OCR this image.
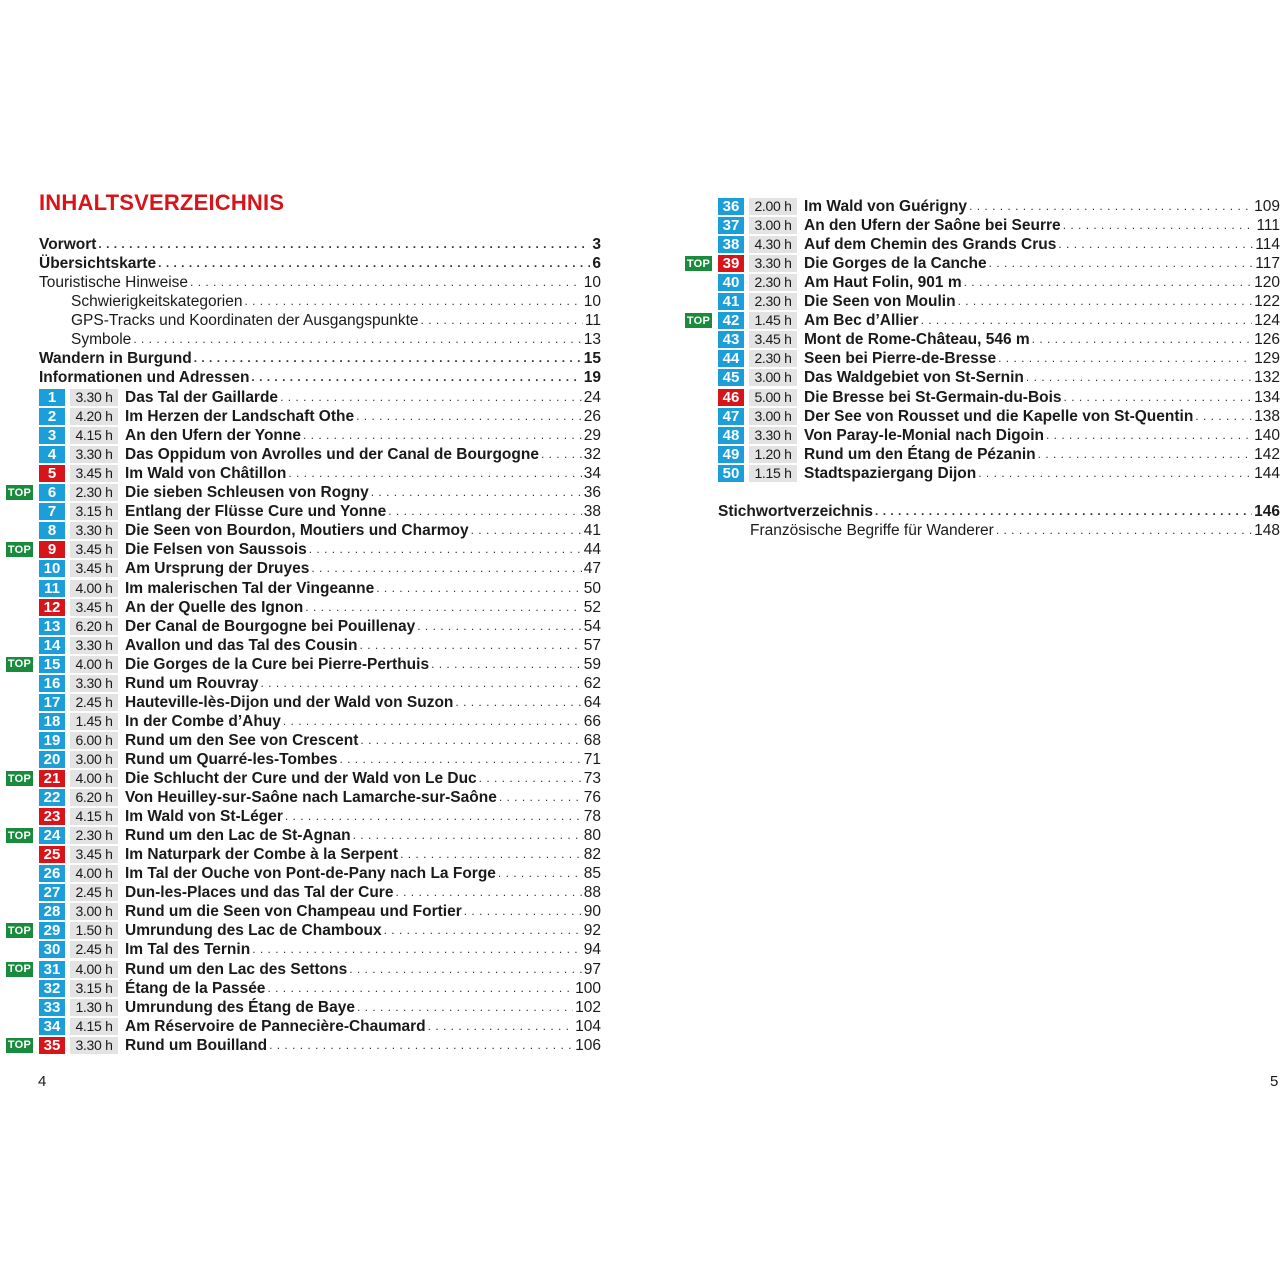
INHALTSVERZEICHNIS
Vorwort . . .	3
Übersichtskarte . . .	6
Touristische Hinweise . . .	10
Schwierigkeitskategorien . . .	10
GPS-Tracks und Koordinaten der Ausgangspunkte . . .	11
Symbole . . .	13
Wandern in Burgund . . .	15
Informationen und Adressen . . .	19
1	3.30 h Das Tal der Gaillarde . . .	24
2	4.20 h Im Herzen der Landschaft Othe . . .	26
3	4.15 h An den Ufern der Yonne . . .	29
4	3.30 h Das Oppidum von Avrolles und der Canal de Bourgogne . . .	32
5	3.45 h Im Wald von Châtillon . . .	34
6	2.30 h Die sieben Schleusen von Rogny . . .	36
TOP
7	3.15 h Entlang der Flüsse Cure und Yonne . . .	38
8	3.30 h Die Seen von Bourdon, Moutiers und Charmoy . . .	41
9	3.45 h Die Felsen von Saussois . . .	44
TOP
10	3.45 h Am Ursprung der Druyes . . .	47
11	4.00 h Im malerischen Tal der Vingeanne . . .	50
12	3.45 h An der Quelle des Ignon . . .	52
13	6.20 h Der Canal de Bourgogne bei Pouillenay . . .	54
14	3.30 h Avallon und das Tal des Cousin . . .	57
15	4.00 h Die Gorges de la Cure bei Pierre-Perthuis . . .	59
TOP
16	3.30 h Rund um Rouvray . . .	62
17	2.45 h Hauteville-lès-Dijon und der Wald von Suzon . . .	64
18	1.45 h In der Combe d’Ahuy . . .	66
19	6.00 h Rund um den See von Crescent . . .	68
20	3.00 h Rund um Quarré-les-Tombes . . .	71
21	4.00 h Die Schlucht der Cure und der Wald von Le Duc . . .	73
TOP
22	6.20 h Von Heuilley-sur-Saône nach Lamarche-sur-Saône . . .	76
23	4.15 h Im Wald von St-Léger . . .	78
24	2.30 h Rund um den Lac de St-Agnan . . .	80
TOP
25	3.45 h Im Naturpark der Combe à la Serpent . . .	82
26	4.00 h Im Tal der Ouche von Pont-de-Pany nach La Forge . . .	85
27	2.45 h Dun-les-Places und das Tal der Cure . . .	88
28	3.00 h Rund um die Seen von Champeau und Fortier . . .	90
29	1.50 h Umrundung des Lac de Chamboux . . .	92
TOP
30	2.45 h Im Tal des Ternin . . .	94
31	4.00 h Rund um den Lac des Settons . . .	97
TOP
32	3.15 h Étang de la Passée . . .	100
33	1.30 h Umrundung des Étang de Baye . . .	102
34	4.15 h Am Réservoire de Pannecière-Chaumard . . .	104
35	3.30 h Rund um Bouilland . . .	106
TOP
36	2.00 h Im Wald von Guérigny . . .	109
37	3.00 h An den Ufern der Saône bei Seurre . . .	111
38	4.30 h Auf dem Chemin des Grands Crus . . .	114
39	3.30 h Die Gorges de la Canche . . .	117
TOP
40	2.30 h Am Haut Folin, 901 m . . .	120
41	2.30 h Die Seen von Moulin . . .	122
42	1.45 h Am Bec d’Allier . . .	124
TOP
43	3.45 h Mont de Rome-Château, 546 m . . .	126
44	2.30 h Seen bei Pierre-de-Bresse . . .	129
45	3.00 h Das Waldgebiet von St-Sernin . . .	132
46	5.00 h Die Bresse bei St-Germain-du-Bois . . .	134
47	3.00 h Der See von Rousset und die Kapelle von St-Quentin . . .	138
48	3.30 h Von Paray-le-Monial nach Digoin . . .	140
49	1.20 h Rund um den Étang de Pézanin . . .	142
50	1.15 h Stadtspaziergang Dijon . . .	144
Stichwortverzeichnis . . .	146
Französische Begriffe für Wanderer . . .	148
4	5
